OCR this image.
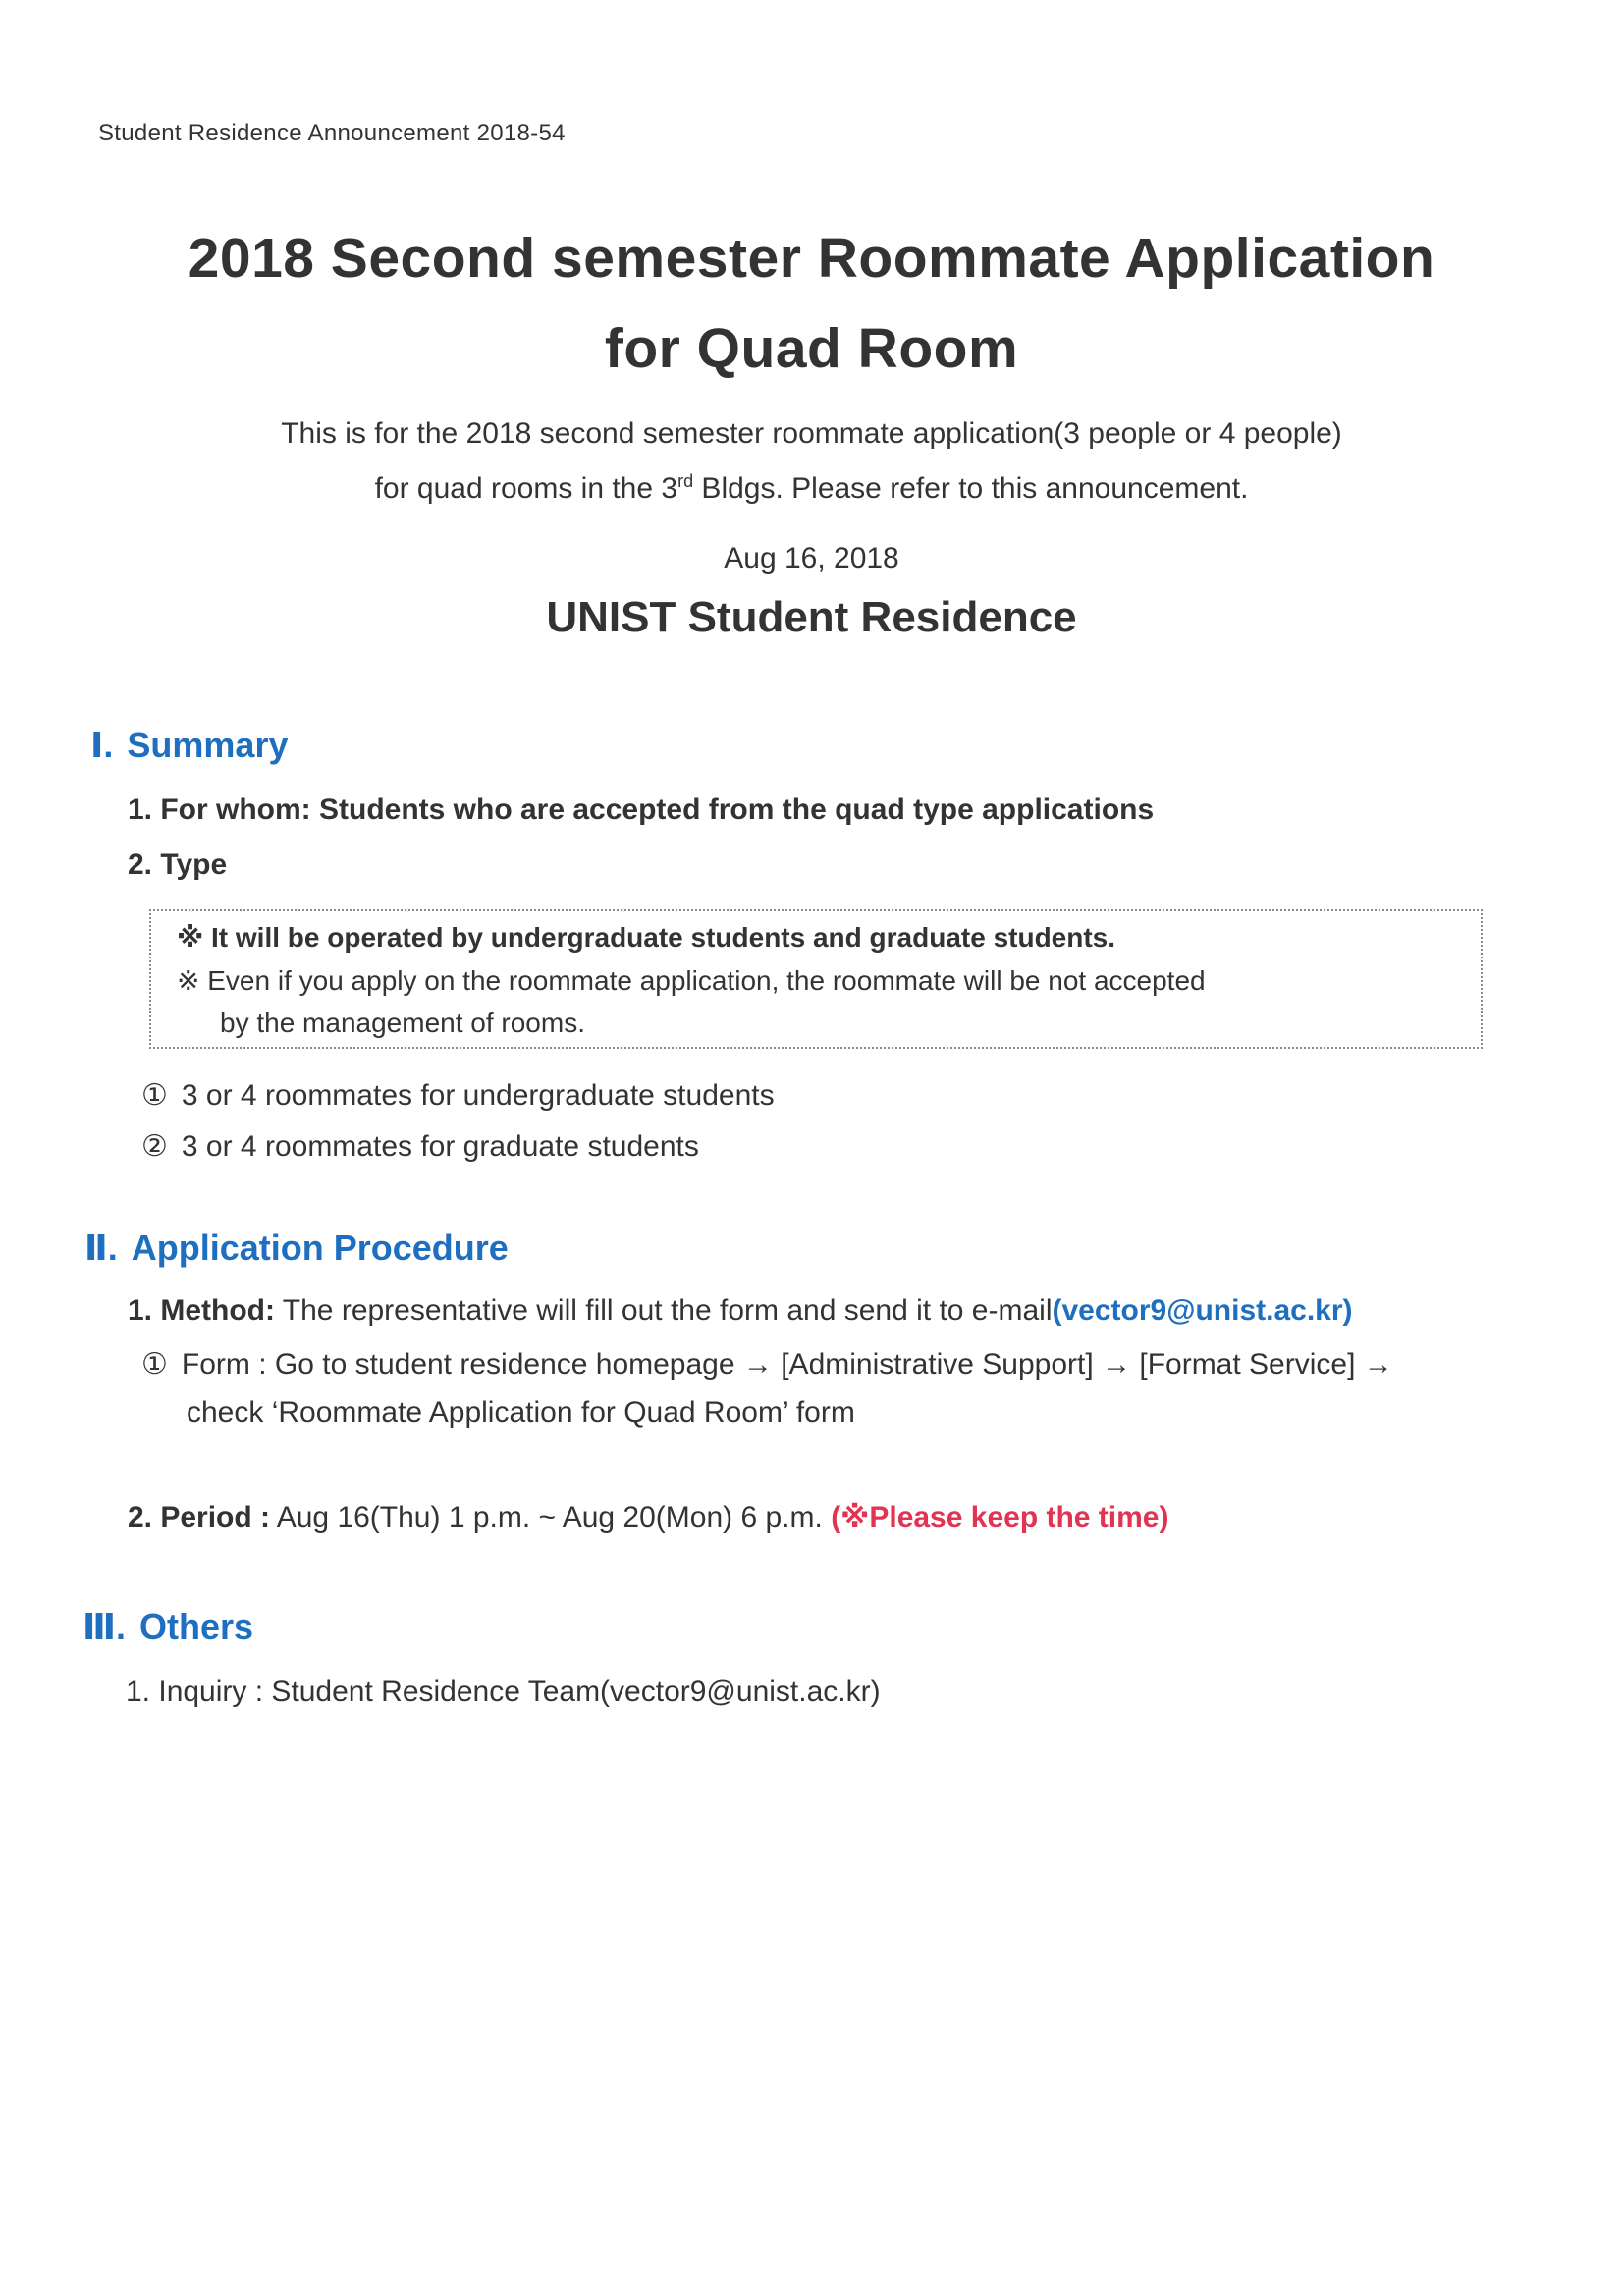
Student Residence Announcement 2018-54
2018 Second semester Roommate Application
for Quad Room
This is for the 2018 second semester roommate application(3 people or 4 people)
for quad rooms in the 3rd Bldgs. Please refer to this announcement.
Aug 16, 2018
UNIST Student Residence
Ⅰ. Summary
1. For whom: Students who are accepted from the quad type applications
2. Type
※ It will be operated by undergraduate students and graduate students.
※ Even if you apply on the roommate application, the roommate will be not accepted
by the management of rooms.
① 3 or 4 roommates for undergraduate students
② 3 or 4 roommates for graduate students
Ⅱ. Application Procedure
1. Method: The representative will fill out the form and send it to e-mail(vector9@unist.ac.kr)
① Form : Go to student residence homepage → [Administrative Support] → [Format Service] →
check ‘Roommate Application for Quad Room’ form
2. Period : Aug 16(Thu) 1 p.m. ~ Aug 20(Mon) 6 p.m. (※Please keep the time)
Ⅲ. Others
1. Inquiry : Student Residence Team(vector9@unist.ac.kr)
